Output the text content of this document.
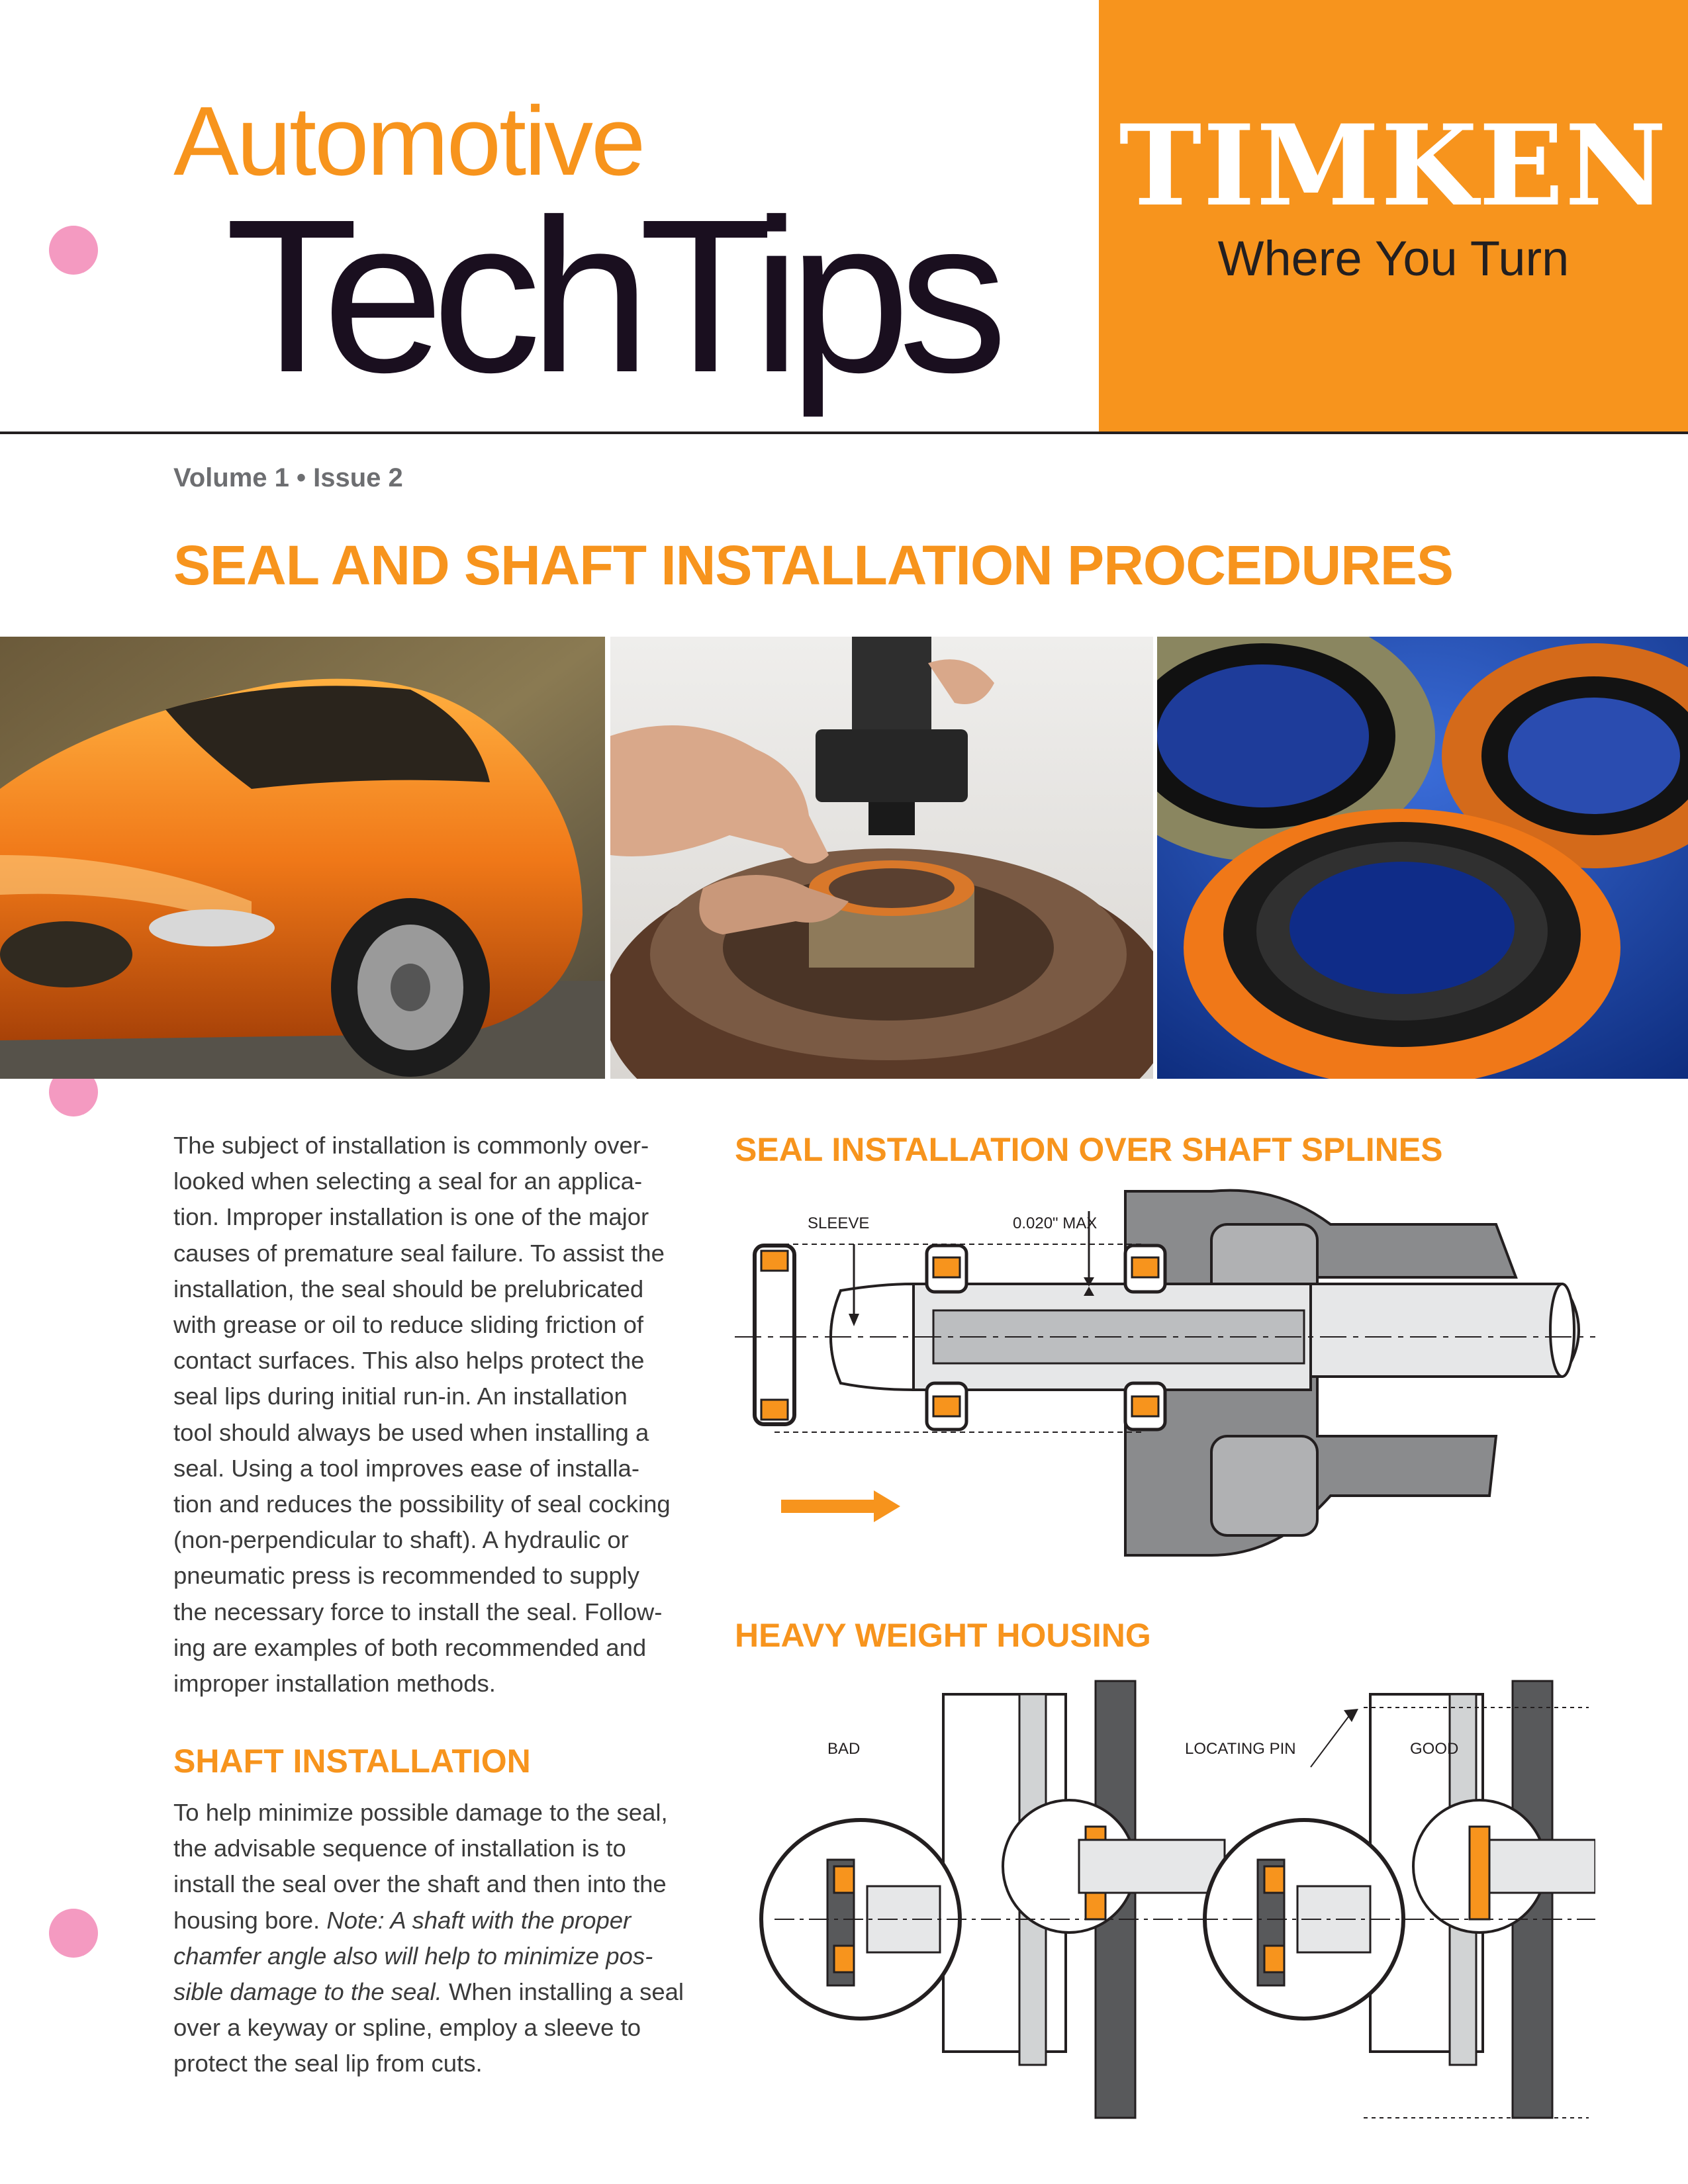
Automotive
TechTips
TIMKEN
Where You Turn
Volume 1 • Issue 2
SEAL AND SHAFT INSTALLATION PROCEDURES
The subject of installation is commonly over-
looked when selecting a seal for an applica-
tion. Improper installation is one of the major
causes of premature seal failure. To assist the
installation, the seal should be prelubricated
with grease or oil to reduce sliding friction of
contact surfaces. This also helps protect the
seal lips during initial run-in. An installation
tool should always be used when installing a
seal. Using a tool improves ease of installa-
tion and reduces the possibility of seal cocking
(non-perpendicular to shaft). A hydraulic or
pneumatic press is recommended to supply
the necessary force to install the seal. Follow-
ing are examples of both recommended and
improper installation methods.
SHAFT INSTALLATION
To help minimize possible damage to the seal,
the advisable sequence of installation is to
install the seal over the shaft and then into the
housing bore. Note: A shaft with the proper
chamfer angle also will help to minimize pos-
sible damage to the seal. When installing a seal
over a keyway or spline, employ a sleeve to
protect the seal lip from cuts.
SEAL INSTALLATION OVER SHAFT SPLINES
SLEEVE	0.020" MAX
HEAVY WEIGHT HOUSING
BAD	LOCATING PIN	GOOD
